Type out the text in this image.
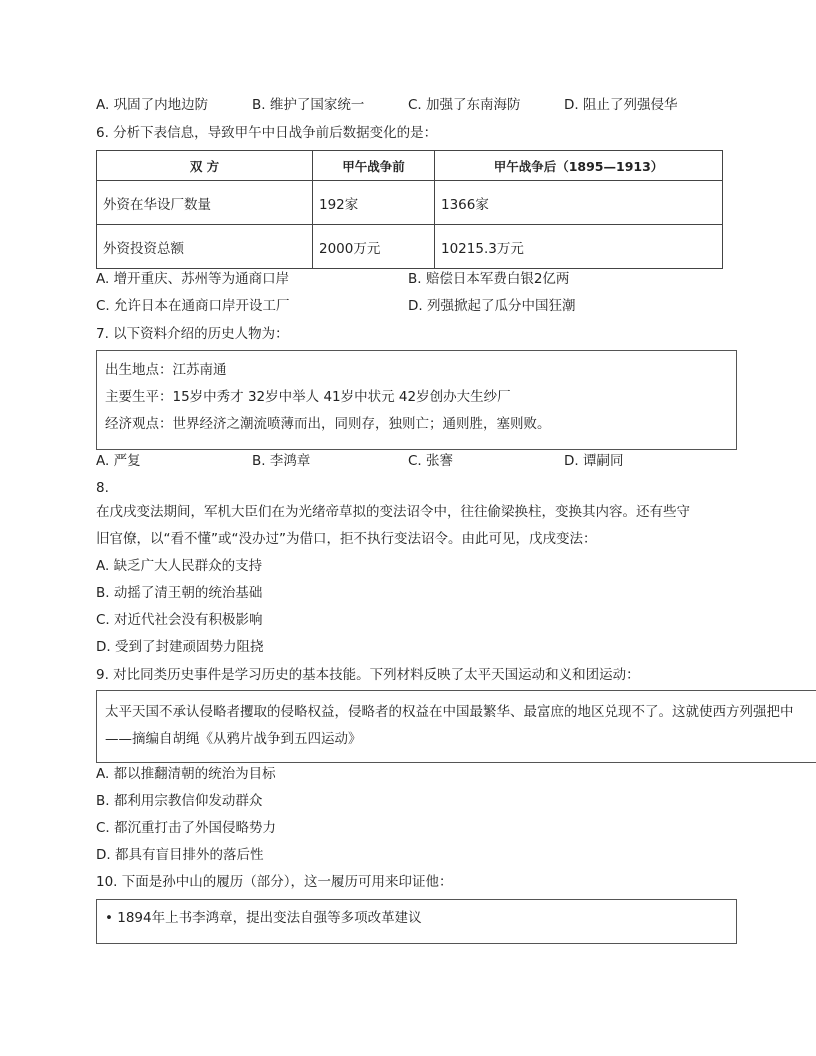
A. 巩固了内地边防	B. 维护了国家统一	C. 加强了东南海防	D. 阻止了列强侵华
6. 分析下表信息，导致甲午中日战争前后数据变化的是：
双 方	甲午战争前	甲午战争后（1895—1913）
外资在华设厂数量	192家	1366家
外资投资总额	2000万元	10215.3万元
A. 增开重庆、苏州等为通商口岸	B. 赔偿日本军费白银2亿两
C. 允许日本在通商口岸开设工厂	D. 列强掀起了瓜分中国狂潮
7. 以下资料介绍的历史人物为：
出生地点：江苏南通
主要生平：15岁中秀才 32岁中举人 41岁中状元 42岁创办大生纱厂
经济观点：世界经济之潮流喷薄而出，同则存，独则亡；通则胜，塞则败。
A. 严复	B. 李鸿章	C. 张謇	D. 谭嗣同
8.
在戊戌变法期间，军机大臣们在为光绪帝草拟的变法诏令中，往往偷梁换柱，变换其内容。还有些守
旧官僚，以“看不懂”或“没办过”为借口，拒不执行变法诏令。由此可见，戊戌变法：
A. 缺乏广大人民群众的支持
B. 动摇了清王朝的统治基础
C. 对近代社会没有积极影响
D. 受到了封建顽固势力阻挠
9. 对比同类历史事件是学习历史的基本技能。下列材料反映了太平天国运动和义和团运动：
太平天国不承认侵略者攫取的侵略权益，侵略者的权益在中国最繁华、最富庶的地区兑现不了。这就使西方列强把中
——摘编自胡绳《从鸦片战争到五四运动》
A. 都以推翻清朝的统治为目标
B. 都利用宗教信仰发动群众
C. 都沉重打击了外国侵略势力
D. 都具有盲目排外的落后性
10. 下面是孙中山的履历（部分），这一履历可用来印证他：
• 1894年上书李鸿章，提出变法自强等多项改革建议
